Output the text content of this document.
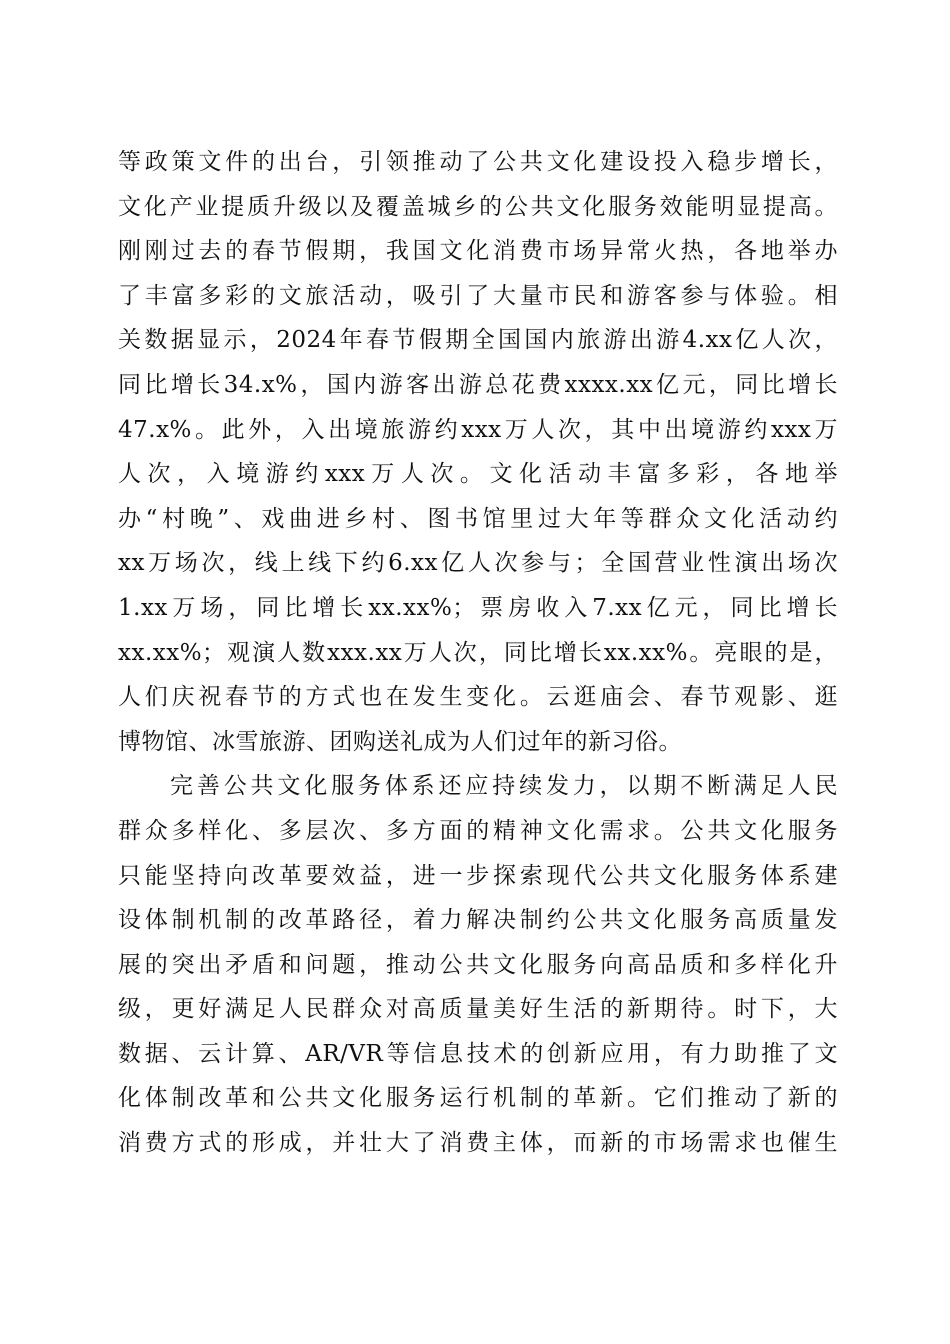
等政策文件的出台，引领推动了公共文化建设投入稳步增长，
文化产业提质升级以及覆盖城乡的公共文化服务效能明显提高。
刚刚过去的春节假期，我国文化消费市场异常火热，各地举办
了丰富多彩的文旅活动，吸引了大量市民和游客参与体验。相
关数据显示，2024年春节假期全国国内旅游出游4.xx亿人次，
同比增长34.x%，国内游客出游总花费xxxx.xx亿元，同比增长
47.x%。此外，入出境旅游约xxx万人次，其中出境游约xxx万
人次，入境游约xxx万人次。文化活动丰富多彩，各地举
办“村晚”、戏曲进乡村、图书馆里过大年等群众文化活动约
xx万场次，线上线下约6.xx亿人次参与；全国营业性演出场次
1.xx万场，同比增长xx.xx%；票房收入7.xx亿元，同比增长
xx.xx%；观演人数xxx.xx万人次，同比增长xx.xx%。亮眼的是，
人们庆祝春节的方式也在发生变化。云逛庙会、春节观影、逛
博物馆、冰雪旅游、团购送礼成为人们过年的新习俗。
完善公共文化服务体系还应持续发力，以期不断满足人民
群众多样化、多层次、多方面的精神文化需求。公共文化服务
只能坚持向改革要效益，进一步探索现代公共文化服务体系建
设体制机制的改革路径，着力解决制约公共文化服务高质量发
展的突出矛盾和问题，推动公共文化服务向高品质和多样化升
级，更好满足人民群众对高质量美好生活的新期待。时下，大
数据、云计算、AR/VR等信息技术的创新应用，有力助推了文
化体制改革和公共文化服务运行机制的革新。它们推动了新的
消费方式的形成，并壮大了消费主体，而新的市场需求也催生
